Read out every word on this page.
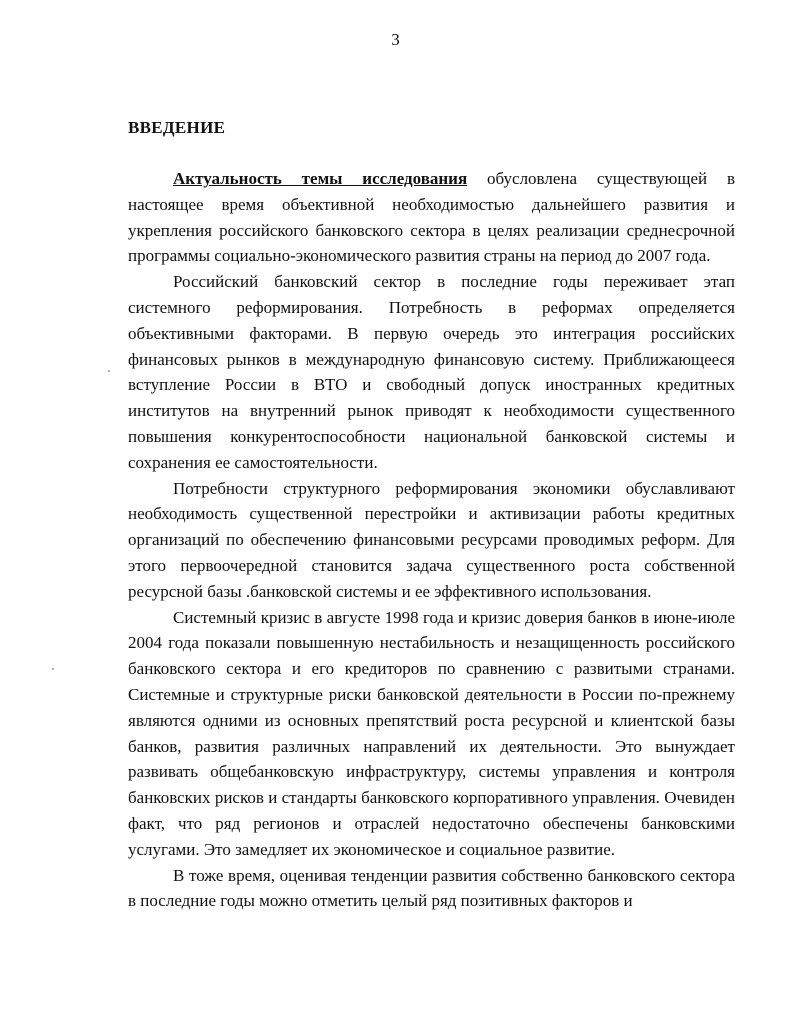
3
ВВЕДЕНИЕ

Актуальность темы исследования обусловлена существующей в настоящее время объективной необходимостью дальнейшего развития и укрепления российского банковского сектора в целях реализации среднесрочной программы социально-экономического развития страны на период до 2007 года.

Российский банковский сектор в последние годы переживает этап системного реформирования. Потребность в реформах определяется объективными факторами. В первую очередь это интеграция российских финансовых рынков в международную финансовую систему. Приближающееся вступление России в ВТО и свободный допуск иностранных кредитных институтов на внутренний рынок приводят к необходимости существенного повышения конкурентоспособности национальной банковской системы и сохранения ее самостоятельности.

Потребности структурного реформирования экономики обуславливают необходимость существенной перестройки и активизации работы кредитных организаций по обеспечению финансовыми ресурсами проводимых реформ. Для этого первоочередной становится задача существенного роста собственной ресурсной базы .банковской системы и ее эффективного использования.

Системный кризис в августе 1998 года и кризис доверия банков в июне-июле 2004 года показали повышенную нестабильность и незащищенность российского банковского сектора и его кредиторов по сравнению с развитыми странами. Системные и структурные риски банковской деятельности в России по-прежнему являются одними из основных препятствий роста ресурсной и клиентской базы банков, развития различных направлений их деятельности. Это вынуждает развивать общебанковскую инфраструктуру, системы управления и контроля банковских рисков и стандарты банковского корпоративного управления. Очевиден факт, что ряд регионов и отраслей недостаточно обеспечены банковскими услугами. Это замедляет их экономическое и социальное развитие.

В тоже время, оценивая тенденции развития собственно банковского сектора в последние годы можно отметить целый ряд позитивных факторов и
